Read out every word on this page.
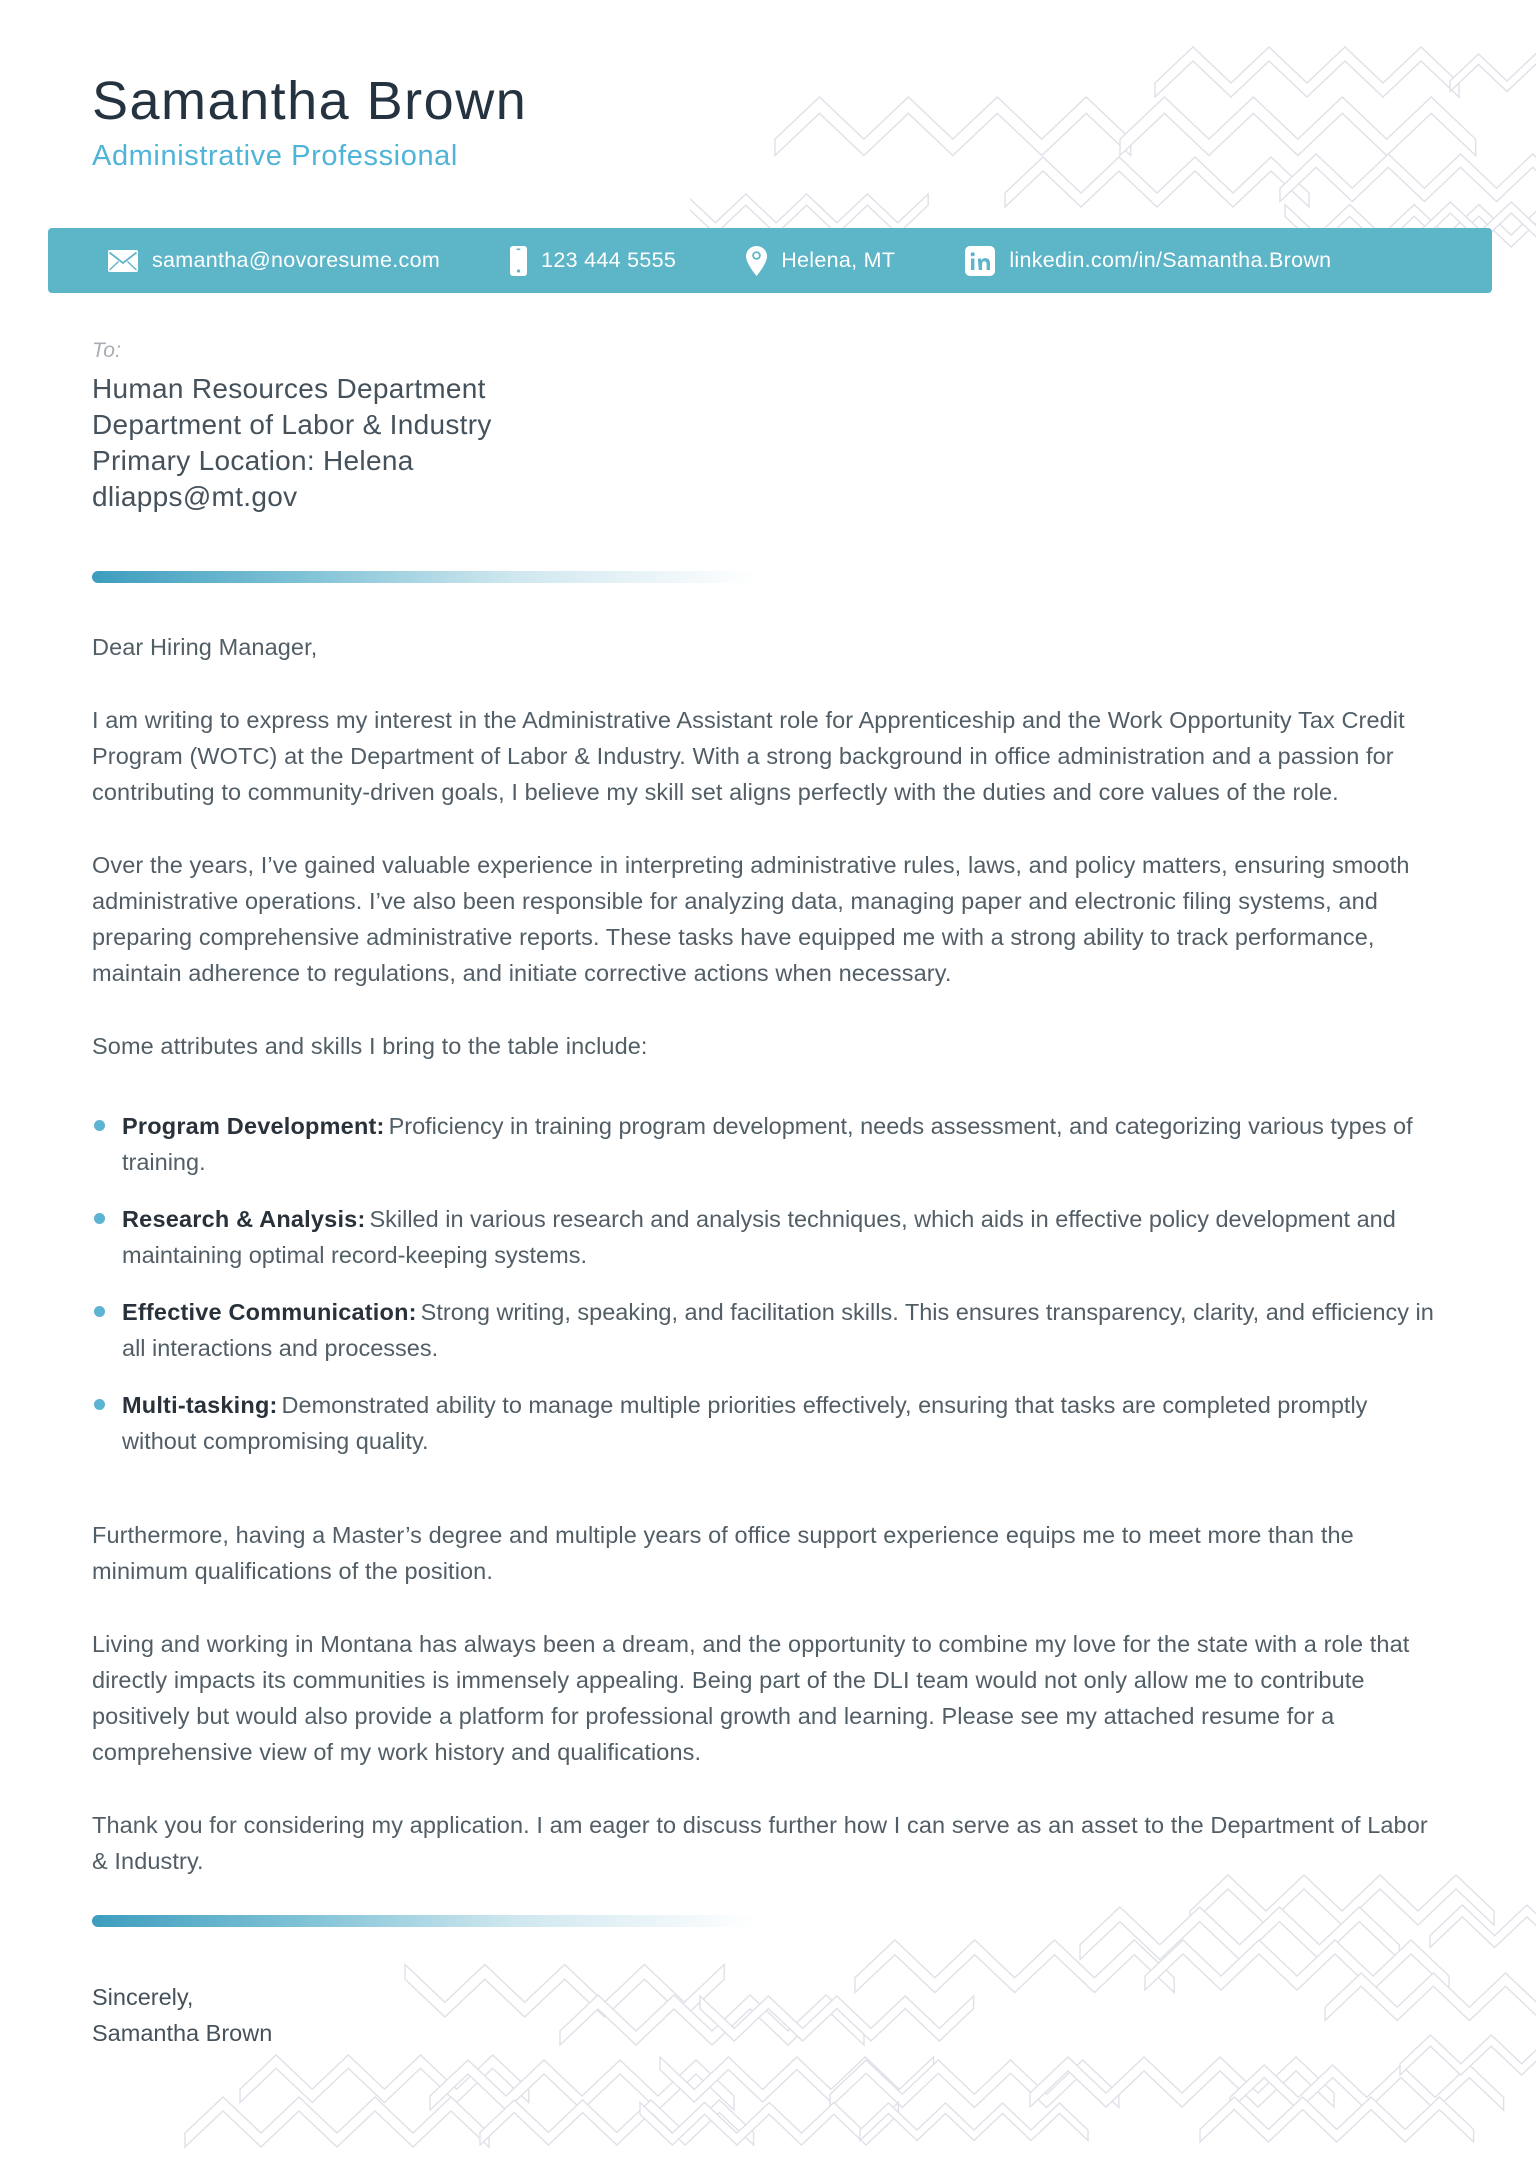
Samantha Brown
Administrative Professional
samantha@novoresume.com	123 444 5555	Helena, MT	linkedin.com/in/Samantha.Brown
To:
Human Resources Department
Department of Labor & Industry
Primary Location: Helena
dliapps@mt.gov

Dear Hiring Manager,

I am writing to express my interest in the Administrative Assistant role for Apprenticeship and the Work Opportunity Tax Credit Program (WOTC) at the Department of Labor & Industry. With a strong background in office administration and a passion for contributing to community-driven goals, I believe my skill set aligns perfectly with the duties and core values of the role.

Over the years, I’ve gained valuable experience in interpreting administrative rules, laws, and policy matters, ensuring smooth administrative operations. I’ve also been responsible for analyzing data, managing paper and electronic filing systems, and preparing comprehensive administrative reports. These tasks have equipped me with a strong ability to track performance, maintain adherence to regulations, and initiate corrective actions when necessary.

Some attributes and skills I bring to the table include:

Program Development: Proficiency in training program development, needs assessment, and categorizing various types of training.
Research & Analysis: Skilled in various research and analysis techniques, which aids in effective policy development and maintaining optimal record-keeping systems.
Effective Communication: Strong writing, speaking, and facilitation skills. This ensures transparency, clarity, and efficiency in all interactions and processes.
Multi-tasking: Demonstrated ability to manage multiple priorities effectively, ensuring that tasks are completed promptly without compromising quality.

Furthermore, having a Master’s degree and multiple years of office support experience equips me to meet more than the minimum qualifications of the position.

Living and working in Montana has always been a dream, and the opportunity to combine my love for the state with a role that directly impacts its communities is immensely appealing. Being part of the DLI team would not only allow me to contribute positively but would also provide a platform for professional growth and learning. Please see my attached resume for a comprehensive view of my work history and qualifications.

Thank you for considering my application. I am eager to discuss further how I can serve as an asset to the Department of Labor & Industry.

Sincerely,
Samantha Brown
